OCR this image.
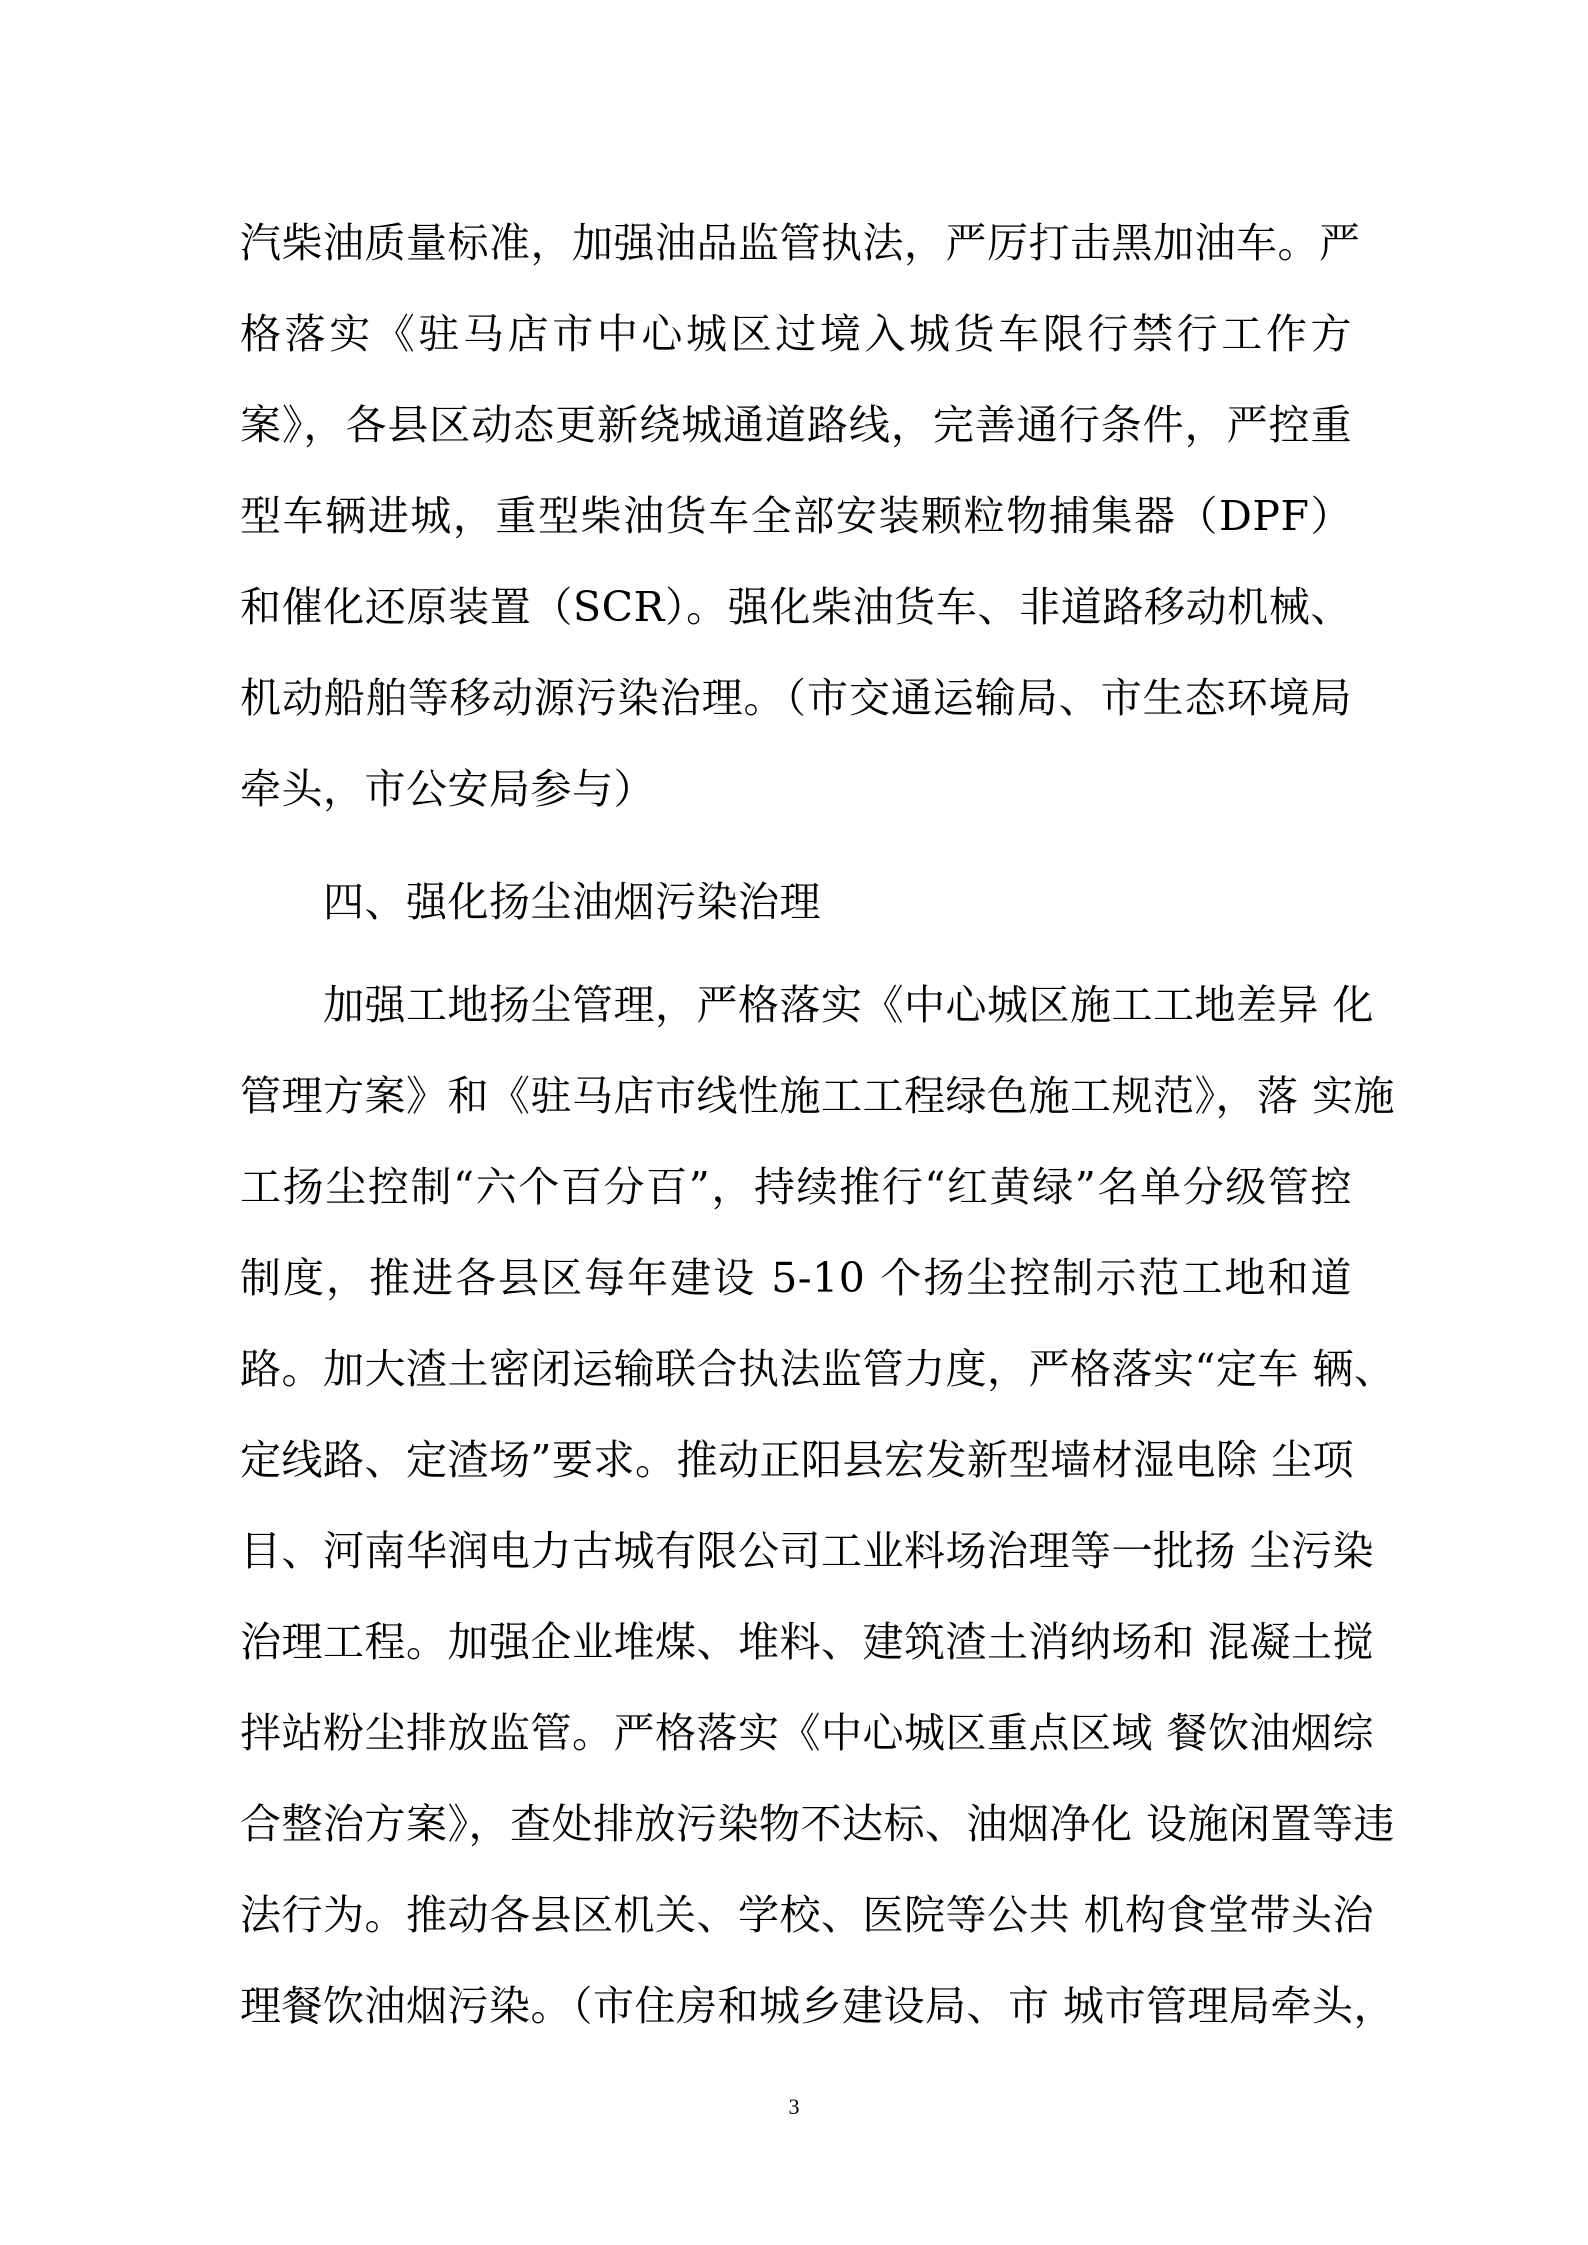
汽柴油质量标准，加强油品监管执法，严厉打击黑加油车。严
格落实《驻马店市中心城区过境入城货车限行禁行工作方
案》，各县区动态更新绕城通道路线，完善通行条件，严控重
型车辆进城，重型柴油货车全部安装颗粒物捕集器（DPF）
和催化还原装置（SCR）。强化柴油货车、非道路移动机械、
机动船舶等移动源污染治理。（市交通运输局、市生态环境局
牵头，市公安局参与）
四、强化扬尘油烟污染治理
加强工地扬尘管理，严格落实《中心城区施工工地差异 化
管理方案》和《驻马店市线性施工工程绿色施工规范》，落 实施
工扬尘控制“六个百分百”，持续推行“红黄绿”名单分级管控
制度，推进各县区每年建设 5-10 个扬尘控制示范工地和道
路。加大渣土密闭运输联合执法监管力度，严格落实“定车 辆、
定线路、定渣场”要求。推动正阳县宏发新型墙材湿电除 尘项
目、河南华润电力古城有限公司工业料场治理等一批扬 尘污染
治理工程。加强企业堆煤、堆料、建筑渣土消纳场和 混凝土搅
拌站粉尘排放监管。严格落实《中心城区重点区域 餐饮油烟综
合整治方案》，查处排放污染物不达标、油烟净化 设施闲置等违
法行为。推动各县区机关、学校、医院等公共 机构食堂带头治
理餐饮油烟污染。（市住房和城乡建设局、市 城市管理局牵头，
3
